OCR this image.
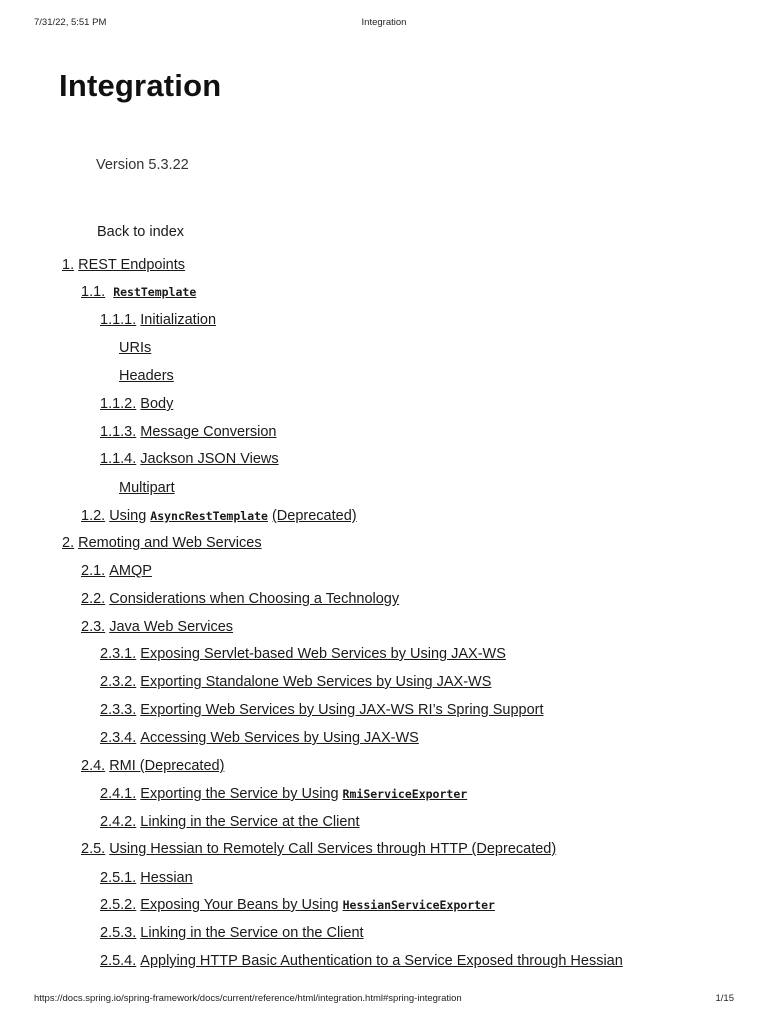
7/31/22, 5:51 PM	Integration
Integration
Version 5.3.22
Back to index
1. REST Endpoints
1.1. RestTemplate
1.1.1. Initialization
URIs
Headers
1.1.2. Body
1.1.3. Message Conversion
1.1.4. Jackson JSON Views
Multipart
1.2. Using AsyncRestTemplate (Deprecated)
2. Remoting and Web Services
2.1. AMQP
2.2. Considerations when Choosing a Technology
2.3. Java Web Services
2.3.1. Exposing Servlet-based Web Services by Using JAX-WS
2.3.2. Exporting Standalone Web Services by Using JAX-WS
2.3.3. Exporting Web Services by Using JAX-WS RI’s Spring Support
2.3.4. Accessing Web Services by Using JAX-WS
2.4. RMI (Deprecated)
2.4.1. Exporting the Service by Using RmiServiceExporter
2.4.2. Linking in the Service at the Client
2.5. Using Hessian to Remotely Call Services through HTTP (Deprecated)
2.5.1. Hessian
2.5.2. Exposing Your Beans by Using HessianServiceExporter
2.5.3. Linking in the Service on the Client
2.5.4. Applying HTTP Basic Authentication to a Service Exposed through Hessian
https://docs.spring.io/spring-framework/docs/current/reference/html/integration.html#spring-integration	1/15
